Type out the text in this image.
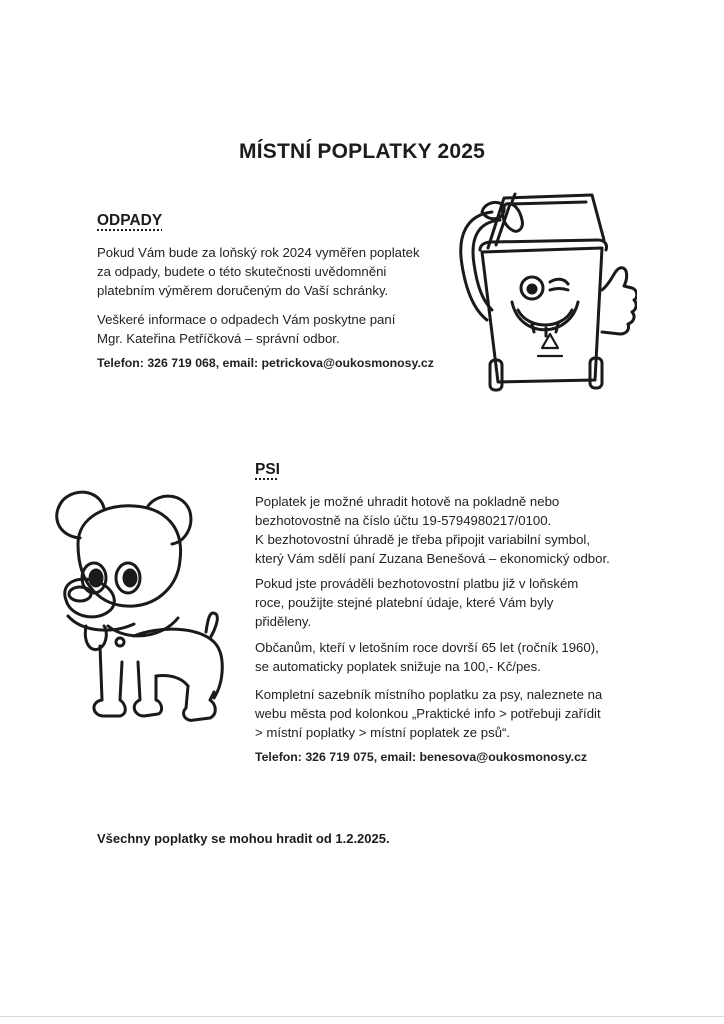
MÍSTNÍ POPLATKY 2025
ODPADY

Pokud Vám bude za loňský rok 2024 vyměřen poplatek
za odpady, budete o této skutečnosti uvědomněni
platebním výměrem doručeným do Vaší schránky.

Veškeré informace o odpadech Vám poskytne paní
Mgr. Kateřina Petříčková – správní odbor.

Telefon: 326 719 068, email: petrickova@oukosmonosy.cz
PSI

Poplatek je možné uhradit hotově na pokladně nebo
bezhotovostně na číslo účtu 19-5794980217/0100.
K bezhotovostní úhradě je třeba připojit variabilní symbol,
který Vám sdělí paní Zuzana Benešová – ekonomický odbor.

Pokud jste prováděli bezhotovostní platbu již v loňském
roce, použijte stejné platební údaje, které Vám byly
přiděleny.

Občanům, kteří v letošním roce dovrší 65 let (ročník 1960),
se automaticky poplatek snižuje na 100,- Kč/pes.

Kompletní sazebník místního poplatku za psy, naleznete na
webu města pod kolonkou „Praktické info > potřebuji zařídit
> místní poplatky > místní poplatek ze psů“.

Telefon: 326 719 075, email: benesova@oukosmonosy.cz
Všechny poplatky se mohou hradit od 1.2.2025.
